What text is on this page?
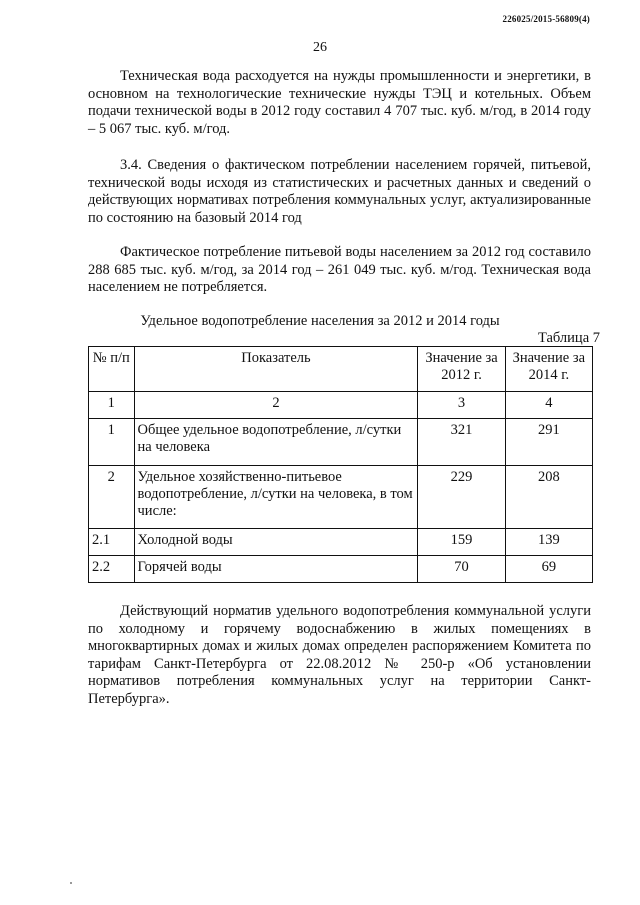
226025/2015-56809(4)
26

Техническая вода расходуется на нужды промышленности и энергетики, в основном на технологические технические нужды ТЭЦ и котельных. Объем подачи технической воды в 2012 году составил 4 707 тыс. куб. м/год, в 2014 году – 5 067 тыс. куб. м/год.

3.4. Сведения о фактическом потреблении населением горячей, питьевой, технической воды исходя из статистических и расчетных данных и сведений о действующих нормативах потребления коммунальных услуг, актуализированные по состоянию на базовый 2014 год

Фактическое потребление питьевой воды населением за 2012 год составило 288 685 тыс. куб. м/год, за 2014 год – 261 049 тыс. куб. м/год. Техническая вода населением не потребляется.

Удельное водопотребление населения за 2012 и 2014 годы
Таблица 7
№ п/п	Показатель	Значение за 2012 г.	Значение за 2014 г.
1	2	3	4
1	Общее удельное водопотребление, л/сутки на человека	321	291
2	Удельное хозяйственно-питьевое водопотребление, л/сутки на человека, в том числе:	229	208
2.1	Холодной воды	159	139
2.2	Горячей воды	70	69

Действующий норматив удельного водопотребления коммунальной услуги по холодному и горячему водоснабжению в жилых помещениях в многоквартирных домах и жилых домах определен распоряжением Комитета по тарифам Санкт-Петербурга от 22.08.2012 № 250-р «Об установлении нормативов потребления коммунальных услуг на территории Санкт-Петербурга».
